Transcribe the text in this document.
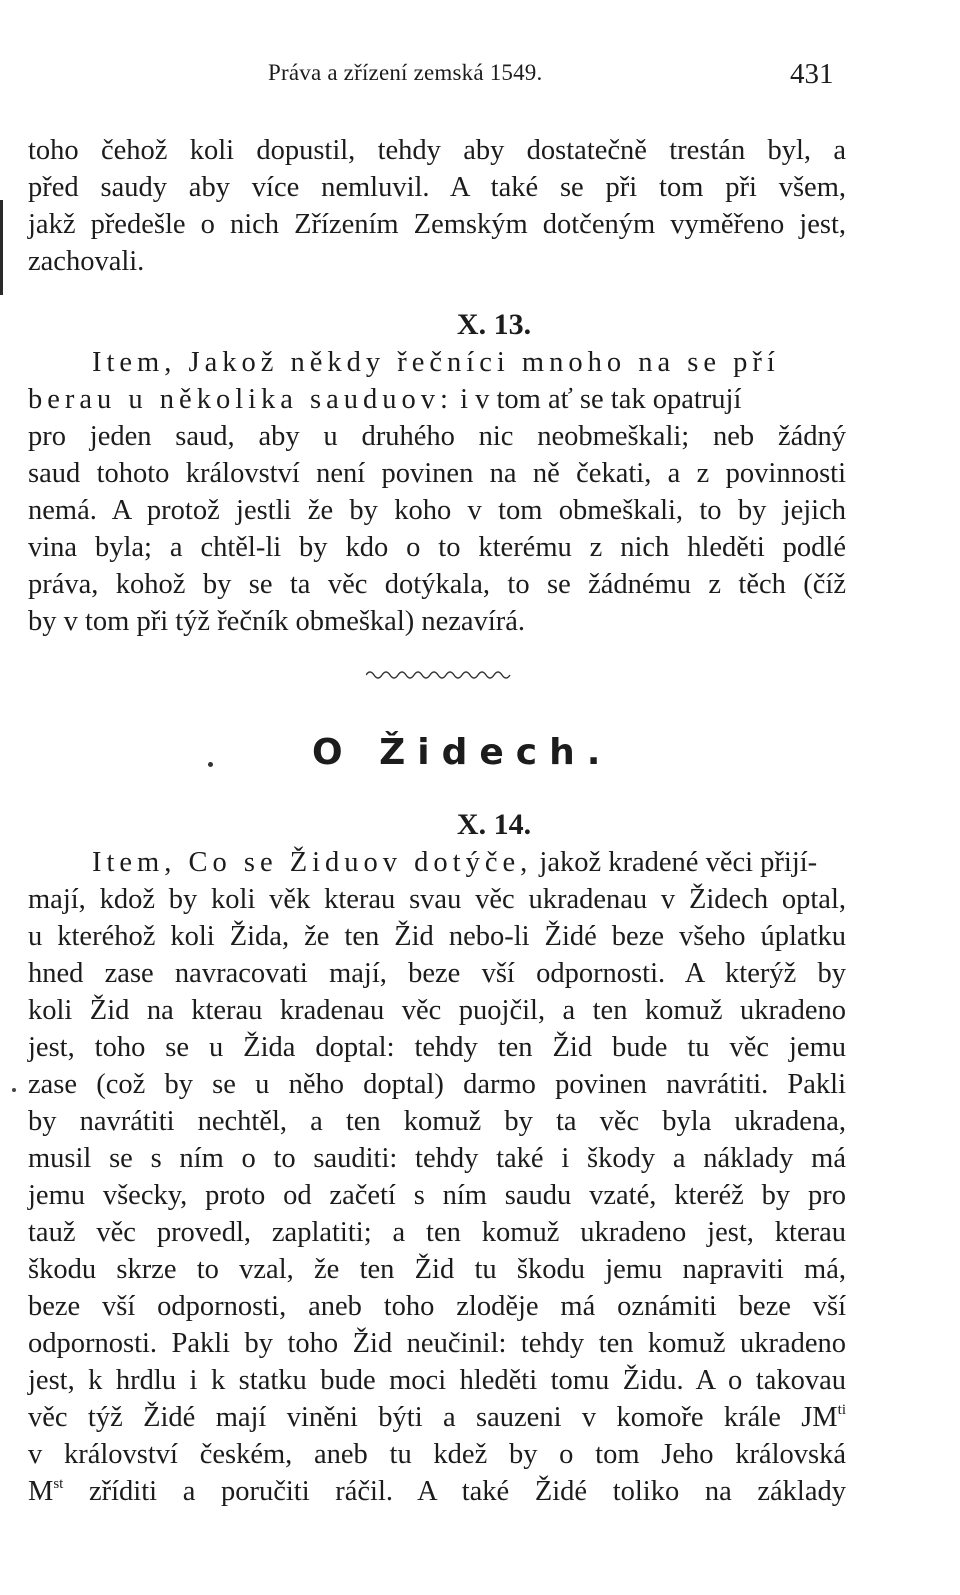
Práva a zřízení zemská 1549.	431
toho čehož koli dopustil, tehdy aby dostatečně trestán byl, a
před saudy aby více nemluvil. A také se při tom při všem,
jakž předešle o nich Zřízením Zemským dotčeným vyměřeno jest,
zachovali.
X. 13.
Item, Jakož někdy řečníci mnoho na se pří
berau u několika sauduov: i v tom ať se tak opatrují
pro jeden saud, aby u druhého nic neobmeškali; neb žádný
saud tohoto království není povinen na ně čekati, a z povinnosti
nemá. A protož jestli že by koho v tom obmeškali, to by jejich
vina byla; a chtěl-li by kdo o to kterému z nich hleděti podlé
práva, kohož by se ta věc dotýkala, to se žádnému z těch (číž
by v tom při týž řečník obmeškal) nezavírá.
O Židech.
X. 14.
Item, Co se Židuov dotýče, jakož kradené věci přijí-
mají, kdož by koli věk kterau svau věc ukradenau v Židech optal,
u kteréhož koli Žida, že ten Žid nebo-li Židé beze všeho úplatku
hned zase navracovati mají, beze vší odpornosti. A kterýž by
koli Žid na kterau kradenau věc puojčil, a ten komuž ukradeno
jest, toho se u Žida doptal: tehdy ten Žid bude tu věc jemu
zase (což by se u něho doptal) darmo povinen navrátiti. Pakli
by navrátiti nechtěl, a ten komuž by ta věc byla ukradena,
musil se s ním o to sauditi: tehdy také i škody a náklady má
jemu všecky, proto od začetí s ním saudu vzaté, kteréž by pro
tauž věc provedl, zaplatiti; a ten komuž ukradeno jest, kterau
škodu skrze to vzal, že ten Žid tu škodu jemu napraviti má,
beze vší odpornosti, aneb toho zloděje má oznámiti beze vší
odpornosti. Pakli by toho Žid neučinil: tehdy ten komuž ukradeno
jest, k hrdlu i k statku bude moci hleděti tomu Židu. A o takovau
věc týž Židé mají viněni býti a sauzeni v komoře krále $JM^{ti}$
v království českém, aneb tu kdež by o tom Jeho královská
Mst zříditi a poručiti ráčil. A také Židé toliko na základy
